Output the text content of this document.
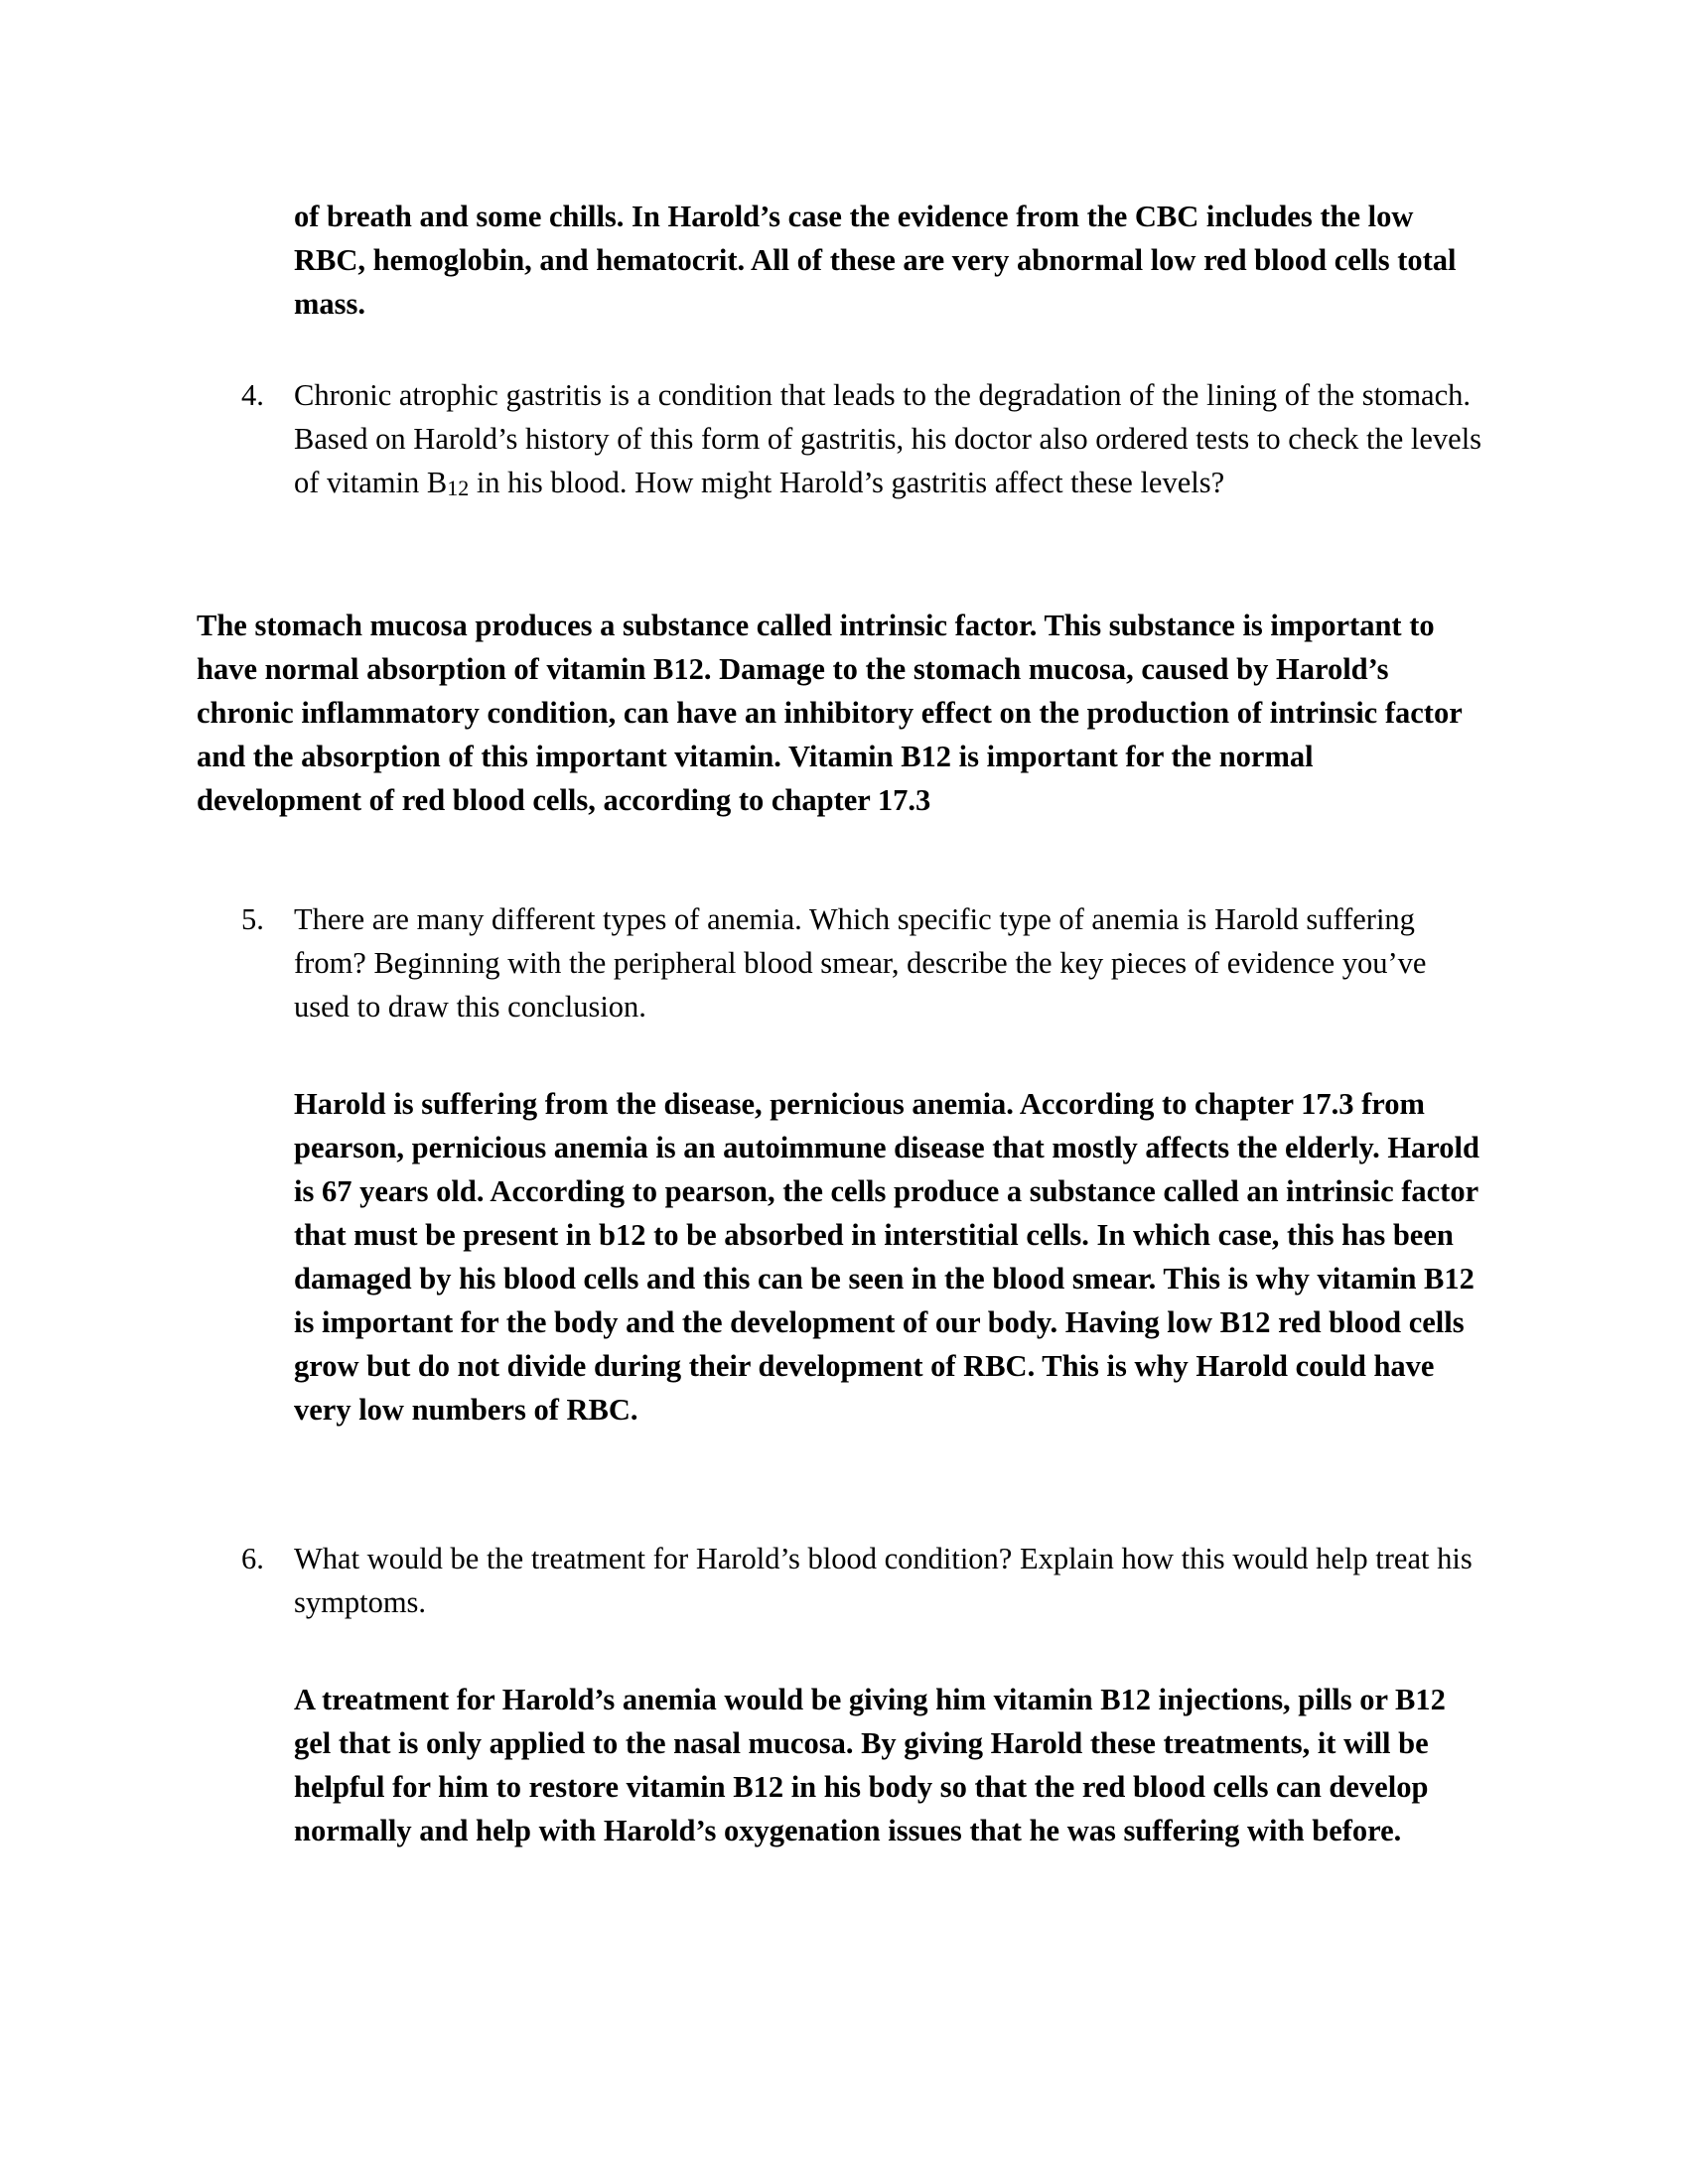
of breath and some chills. In Harold’s case the evidence from the CBC includes the low RBC, hemoglobin, and hematocrit. All of these are very abnormal low red blood cells total mass.

4. Chronic atrophic gastritis is a condition that leads to the degradation of the lining of the stomach. Based on Harold’s history of this form of gastritis, his doctor also ordered tests to check the levels of vitamin $B_{12}$ in his blood. How might Harold’s gastritis affect these levels?

The stomach mucosa produces a substance called intrinsic factor. This substance is important to have normal absorption of vitamin B12. Damage to the stomach mucosa, caused by Harold’s chronic inflammatory condition, can have an inhibitory effect on the production of intrinsic factor and the absorption of this important vitamin. Vitamin B12 is important for the normal development of red blood cells, according to chapter 17.3

5. There are many different types of anemia. Which specific type of anemia is Harold suffering from? Beginning with the peripheral blood smear, describe the key pieces of evidence you’ve used to draw this conclusion.

Harold is suffering from the disease, pernicious anemia. According to chapter 17.3 from pearson, pernicious anemia is an autoimmune disease that mostly affects the elderly. Harold is 67 years old. According to pearson, the cells produce a substance called an intrinsic factor that must be present in b12 to be absorbed in interstitial cells. In which case, this has been damaged by his blood cells and this can be seen in the blood smear. This is why vitamin B12 is important for the body and the development of our body. Having low B12 red blood cells grow but do not divide during their development of RBC. This is why Harold could have very low numbers of RBC.

6. What would be the treatment for Harold’s blood condition? Explain how this would help treat his symptoms.

A treatment for Harold’s anemia would be giving him vitamin B12 injections, pills or B12 gel that is only applied to the nasal mucosa. By giving Harold these treatments, it will be helpful for him to restore vitamin B12 in his body so that the red blood cells can develop normally and help with Harold’s oxygenation issues that he was suffering with before.
